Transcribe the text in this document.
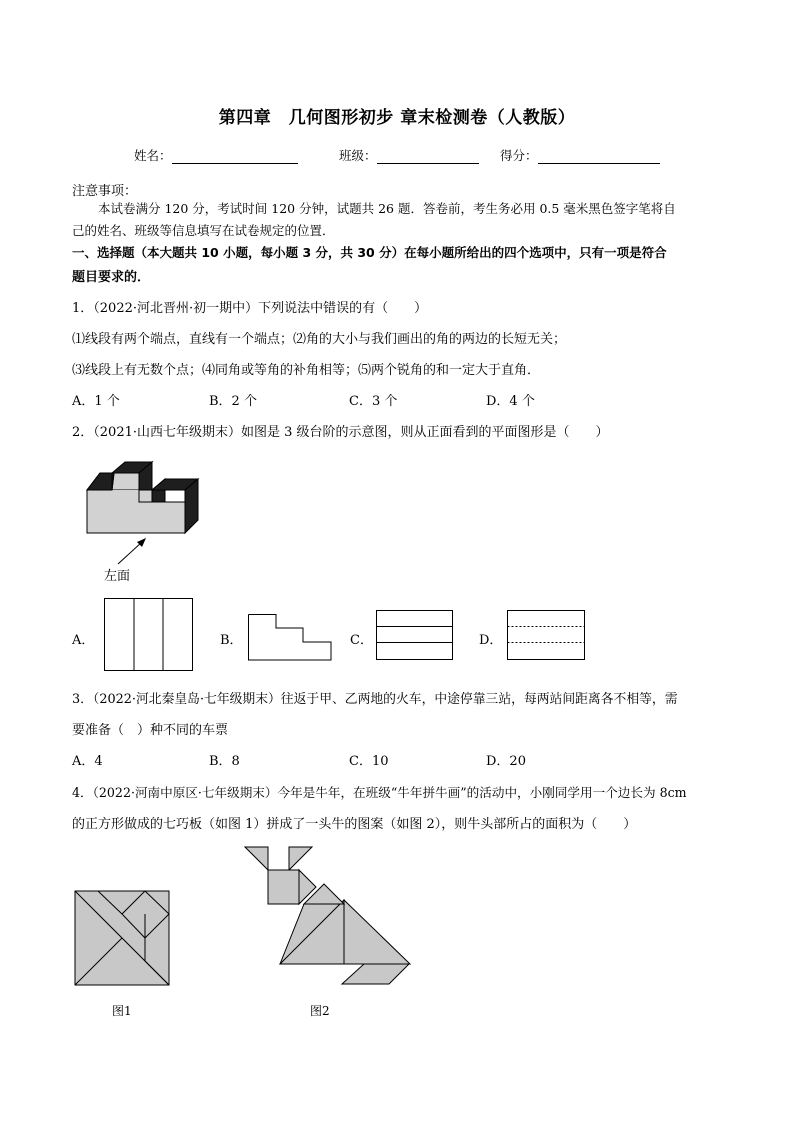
第四章　几何图形初步 章末检测卷（人教版）
姓名：	班级：	得分：
注意事项：
本试卷满分 120 分，考试时间 120 分钟，试题共 26 题．答卷前，考生务必用 0.5 毫米黑色签字笔将自
己的姓名、班级等信息填写在试卷规定的位置．
一、选择题（本大题共 10 小题，每小题 3 分，共 30 分）在每小题所给出的四个选项中，只有一项是符合
题目要求的．
1．（2022·河北晋州·初一期中）下列说法中错误的有（　　）
⑴线段有两个端点，直线有一个端点；⑵角的大小与我们画出的角的两边的长短无关；
⑶线段上有无数个点；⑷同角或等角的补角相等；⑸两个锐角的和一定大于直角．
A．1 个	B．2 个	C．3 个	D．4 个
2．（2021·山西七年级期末）如图是 3 级台阶的示意图，则从正面看到的平面图形是（　　）
左面
A．	B．	C．	D．
3．（2022·河北秦皇岛·七年级期末）往返于甲、乙两地的火车，中途停靠三站，每两站间距离各不相等，需
要准备（　）种不同的车票
A．4	B．8	C．10	D．20
4．（2022·河南中原区·七年级期末）今年是牛年，在班级“牛年拼牛画”的活动中，小刚同学用一个边长为 8cm
的正方形做成的七巧板（如图 1）拼成了一头牛的图案（如图 2），则牛头部所占的面积为（　　）
图1	图2
